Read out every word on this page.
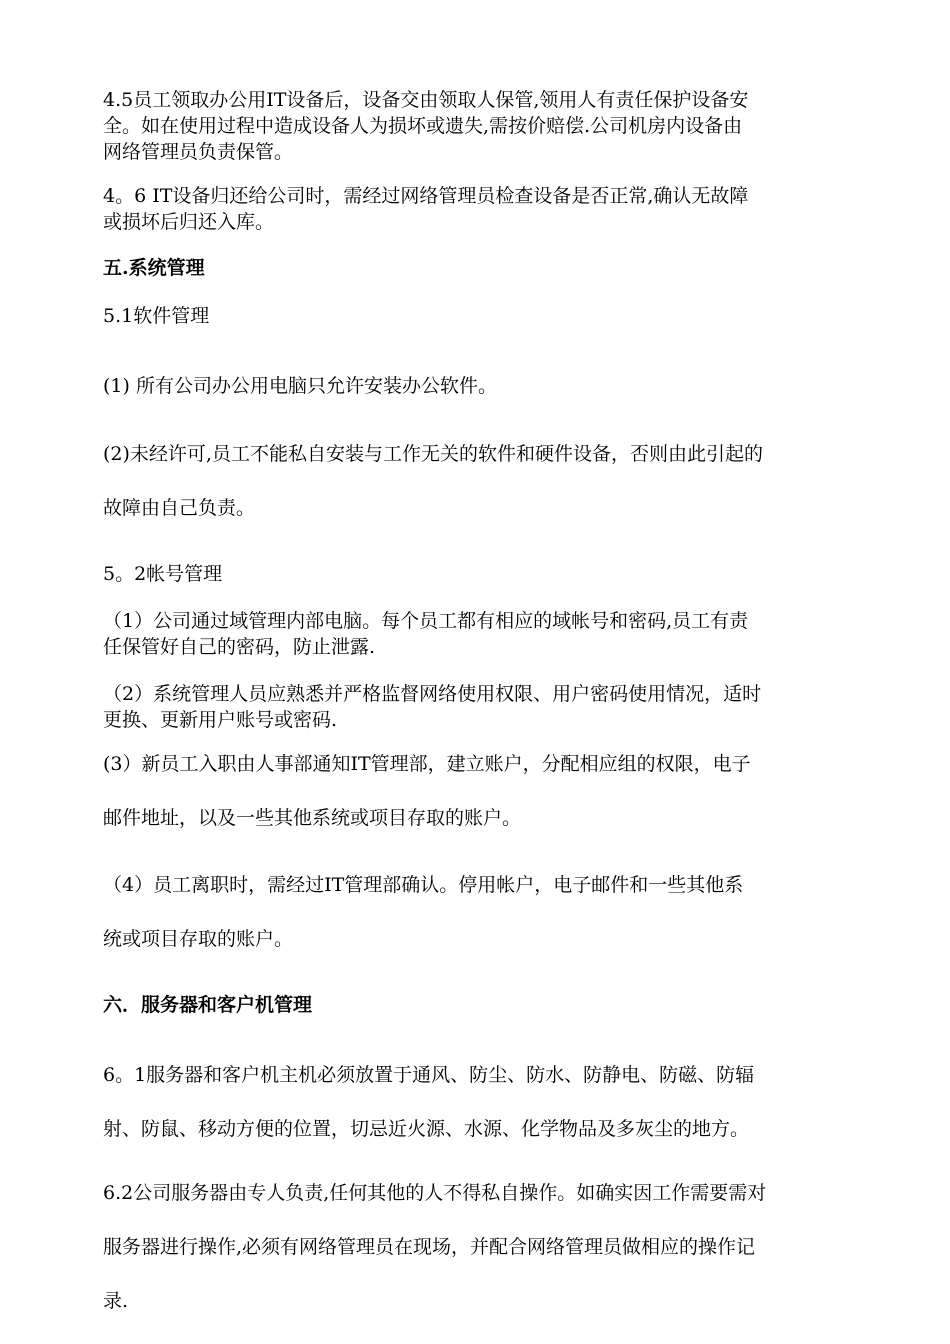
4.5员工领取办公用IT设备后，设备交由领取人保管,领用人有责任保护设备安
全。如在使用过程中造成设备人为损坏或遗失,需按价赔偿.公司机房内设备由
网络管理员负责保管。

4。6 IT设备归还给公司时，需经过网络管理员检查设备是否正常,确认无故障
或损坏后归还入库。

五.系统管理

5.1软件管理

(1) 所有公司办公用电脑只允许安装办公软件。

(2)未经许可,员工不能私自安装与工作无关的软件和硬件设备，否则由此引起的
故障由自己负责。

5。2帐号管理

（1）公司通过域管理内部电脑。每个员工都有相应的域帐号和密码,员工有责
任保管好自己的密码，防止泄露.

（2）系统管理人员应熟悉并严格监督网络使用权限、用户密码使用情况，适时
更换、更新用户账号或密码.

(3）新员工入职由人事部通知IT管理部，建立账户，分配相应组的权限，电子
邮件地址，以及一些其他系统或项目存取的账户。

（4）员工离职时，需经过IT管理部确认。停用帐户，电子邮件和一些其他系
统或项目存取的账户。

六．服务器和客户机管理

6。1服务器和客户机主机必须放置于通风、防尘、防水、防静电、防磁、防辐
射、防鼠、移动方便的位置，切忌近火源、水源、化学物品及多灰尘的地方。

6.2公司服务器由专人负责,任何其他的人不得私自操作。如确实因工作需要需对
服务器进行操作,必须有网络管理员在现场，并配合网络管理员做相应的操作记
录.
